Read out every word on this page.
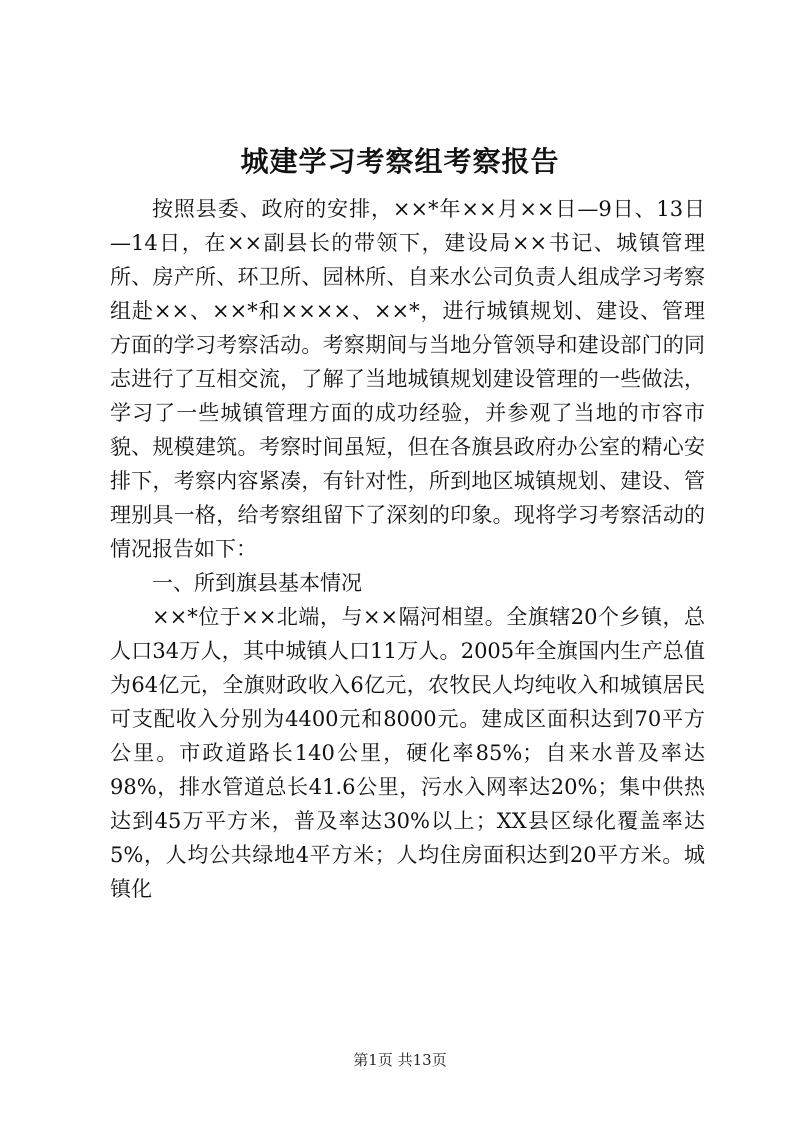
城建学习考察组考察报告

按照县委、政府的安排，××*年××月××日—9日、13日—14日，在××副县长的带领下，建设局××书记、城镇管理所、房产所、环卫所、园林所、自来水公司负责人组成学习考察组赴××、××*和××××、××*，进行城镇规划、建设、管理方面的学习考察活动。考察期间与当地分管领导和建设部门的同志进行了互相交流，了解了当地城镇规划建设管理的一些做法，学习了一些城镇管理方面的成功经验，并参观了当地的市容市貌、规模建筑。考察时间虽短，但在各旗县政府办公室的精心安排下，考察内容紧凑，有针对性，所到地区城镇规划、建设、管理别具一格，给考察组留下了深刻的印象。现将学习考察活动的情况报告如下：

一、所到旗县基本情况

××*位于××北端，与××隔河相望。全旗辖20个乡镇，总人口34万人，其中城镇人口11万人。2005年全旗国内生产总值为64亿元，全旗财政收入6亿元，农牧民人均纯收入和城镇居民可支配收入分别为4400元和8000元。建成区面积达到70平方公里。市政道路长140公里，硬化率85%；自来水普及率达98%，排水管道总长41.6公里，污水入网率达20%；集中供热达到45万平方米，普及率达30%以上；XX县区绿化覆盖率达5%，人均公共绿地4平方米；人均住房面积达到20平方米。城镇化

第1页 共13页
